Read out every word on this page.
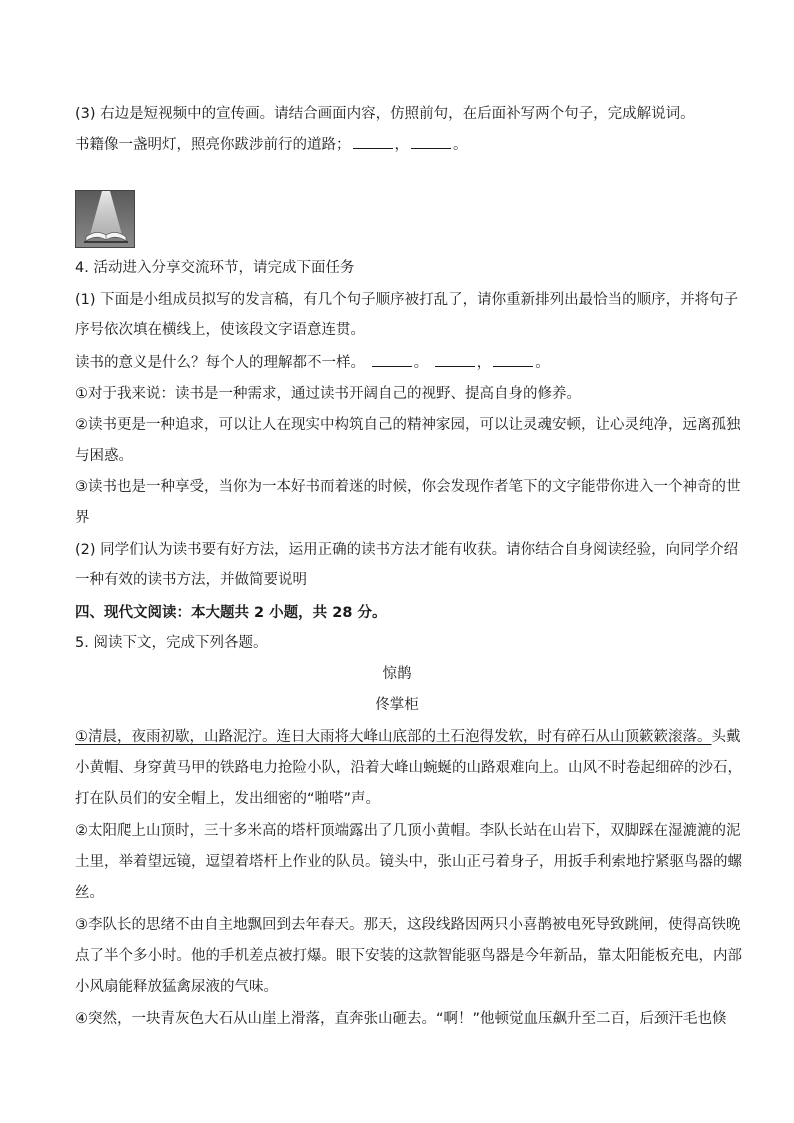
(3) 右边是短视频中的宣传画。请结合画面内容，仿照前句，在后面补写两个句子，完成解说词。
书籍像一盏明灯，照亮你跋涉前行的道路；	，	。
4. 活动进入分享交流环节，请完成下面任务
(1) 下面是小组成员拟写的发言稿，有几个句子顺序被打乱了，请你重新排列出最恰当的顺序，并将句子
序号依次填在横线上，使该段文字语意连贯。
读书的意义是什么？每个人的理解都不一样。	。	，	。
①对于我来说：读书是一种需求，通过读书开阔自己的视野、提高自身的修养。
②读书更是一种追求，可以让人在现实中构筑自己的精神家园，可以让灵魂安顿，让心灵纯净，远离孤独
与困惑。
③读书也是一种享受，当你为一本好书而着迷的时候，你会发现作者笔下的文字能带你进入一个神奇的世
界
(2) 同学们认为读书要有好方法，运用正确的读书方法才能有收获。请你结合自身阅读经验，向同学介绍
一种有效的读书方法，并做简要说明
四、现代文阅读：本大题共 2 小题，共 28 分。
5. 阅读下文，完成下列各题。
惊鹊
佟掌柜
①清晨，夜雨初歇，山路泥泞。连日大雨将大峰山底部的土石泡得发软，时有碎石从山顶簌簌滚落。头戴
小黄帽、身穿黄马甲的铁路电力抢险小队，沿着大峰山蜿蜒的山路艰难向上。山风不时卷起细碎的沙石，
打在队员们的安全帽上，发出细密的“啪嗒”声。
②太阳爬上山顶时，三十多米高的塔杆顶端露出了几顶小黄帽。李队长站在山岩下，双脚踩在湿漉漉的泥
土里，举着望远镜，逗望着塔杆上作业的队员。镜头中，张山正弓着身子，用扳手利索地拧紧驱鸟器的螺
丝。
③李队长的思绪不由自主地飘回到去年春天。那天，这段线路因两只小喜鹊被电死导致跳闸，使得高铁晚
点了半个多小时。他的手机差点被打爆。眼下安装的这款智能驱鸟器是今年新品，靠太阳能板充电，内部
小风扇能释放猛禽尿液的气味。
④突然，一块青灰色大石从山崖上滑落，直奔张山砸去。“啊！”他顿觉血压飙升至二百，后颈汗毛也倏
